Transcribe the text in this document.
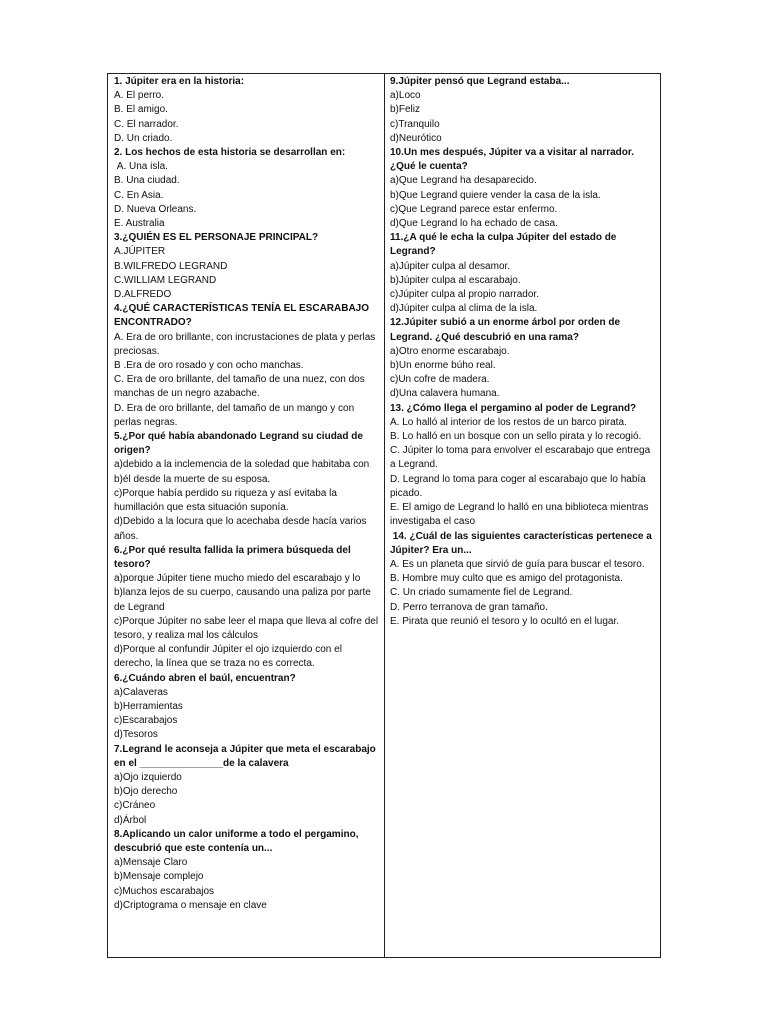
1. Júpiter era en la historia:
A. El perro.
B. El amigo.
C. El narrador.
D. Un criado.
2. Los hechos de esta historia se desarrollan en:
A. Una isla.
B. Una ciudad.
C. En Asia.
D. Nueva Orleans.
E. Australia
3.¿QUIÉN ES EL PERSONAJE PRINCIPAL?
A.JÚPITER
B.WILFREDO LEGRAND
C.WILLIAM LEGRAND
D.ALFREDO
4.¿QUÉ CARACTERÍSTICAS TENÍA EL ESCARABAJO ENCONTRADO?
A. Era de oro brillante, con incrustaciones de plata y perlas preciosas.
B .Era de oro rosado y con ocho manchas.
C. Era de oro brillante, del tamaño de una nuez, con dos manchas de un negro azabache.
D. Era de oro brillante, del tamaño de un mango y con perlas negras.
5.¿Por qué había abandonado Legrand su ciudad de origen?
a)debido a la inclemencia de la soledad que habitaba con
b)él desde la muerte de su esposa.
c)Porque había perdido su riqueza y así evitaba la humillación que esta situación suponía.
d)Debido a la locura que lo acechaba desde hacía varios años.
6.¿Por qué resulta fallida la primera búsqueda del tesoro?
a)porque Júpiter tiene mucho miedo del escarabajo y lo
b)lanza lejos de su cuerpo, causando una paliza por parte de Legrand
c)Porque Júpiter no sabe leer el mapa que lleva al cofre del tesoro, y realiza mal los cálculos
d)Porque al confundir Júpiter el ojo izquierdo con el derecho, la línea que se traza no es correcta.
6.¿Cuándo abren el baúl, encuentran?
a)Calaveras
b)Herramientas
c)Escarabajos
d)Tesoros
7.Legrand le aconseja a Júpiter que meta el escarabajo en el _______________de la calavera
a)Ojo izquierdo
b)Ojo derecho
c)Cráneo
d)Árbol
8.Aplicando un calor uniforme a todo el pergamino, descubrió que este contenía un...
a)Mensaje Claro
b)Mensaje complejo
c)Muchos escarabajos
d)Criptograma o mensaje en clave
9.Júpiter pensó que Legrand estaba...
a)Loco
b)Feliz
c)Tranquilo
d)Neurótico
10.Un mes después, Júpiter va a visitar al narrador. ¿Qué le cuenta?
a)Que Legrand ha desaparecido.
b)Que Legrand quiere vender la casa de la isla.
c)Que Legrand parece estar enfermo.
d)Que Legrand lo ha echado de casa.
11.¿A qué le echa la culpa Júpiter del estado de Legrand?
a)Júpiter culpa al desamor.
b)Júpiter culpa al escarabajo.
c)Júpiter culpa al propio narrador.
d)Júpiter culpa al clima de la isla.
12.Júpiter subió a un enorme árbol por orden de Legrand. ¿Qué descubrió en una rama?
a)Otro enorme escarabajo.
b)Un enorme búho real.
c)Un cofre de madera.
d)Una calavera humana.
13. ¿Cómo llega el pergamino al poder de Legrand?
A. Lo halló al interior de los restos de un barco pirata.
B. Lo halló en un bosque con un sello pirata y lo recogió.
C. Júpiter lo toma para envolver el escarabajo que entrega a Legrand.
D. Legrand lo toma para coger al escarabajo que lo había picado.
E. El amigo de Legrand lo halló en una biblioteca mientras investigaba el caso
14. ¿Cuál de las siguientes características pertenece a Júpiter? Era un...
A. Es un planeta que sirvió de guía para buscar el tesoro.
B. Hombre muy culto que es amigo del protagonista.
C. Un criado sumamente fiel de Legrand.
D. Perro terranova de gran tamaño.
E. Pirata que reunió el tesoro y lo ocultó en el lugar.
